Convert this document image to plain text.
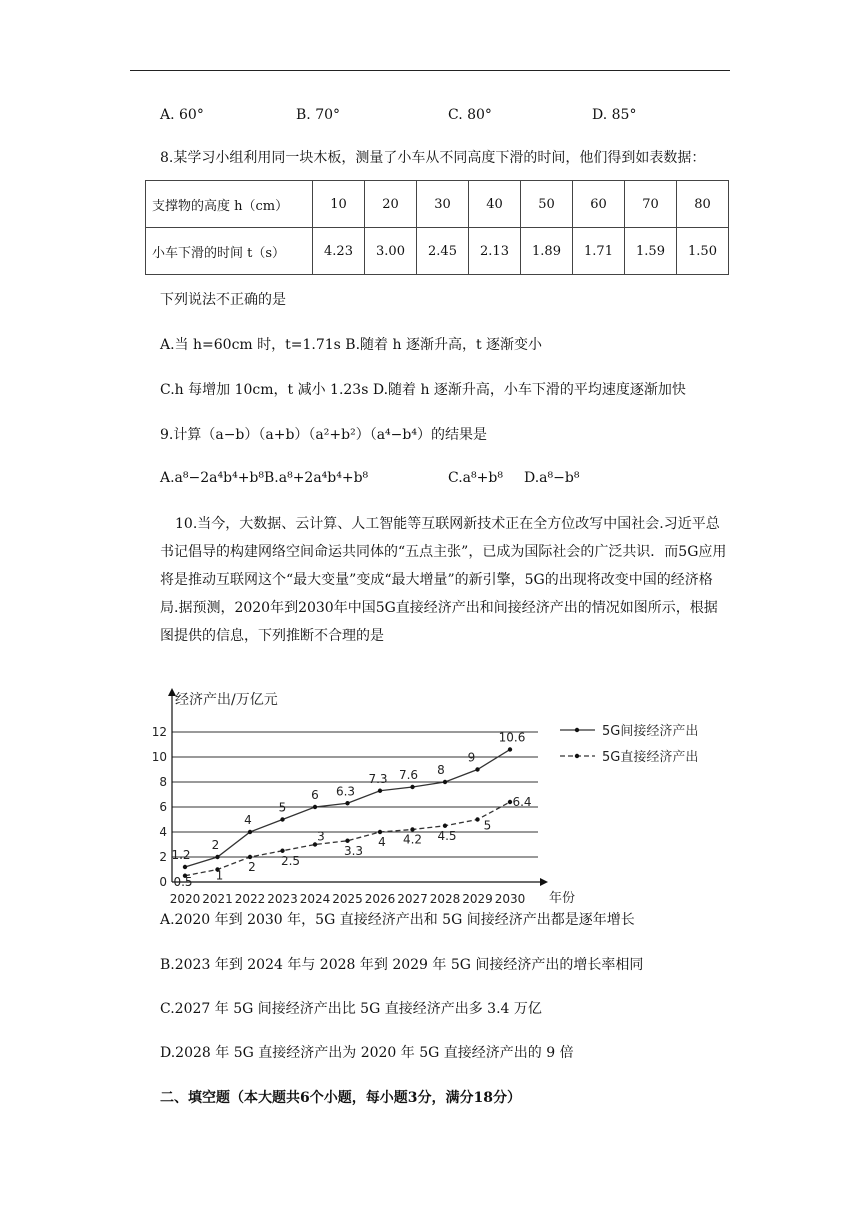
A. 60°	B. 70°	C. 80°	D. 85°
8.某学习小组利用同一块木板，测量了小车从不同高度下滑的时间，他们得到如表数据：
支撑物的高度 h（cm）	10	20	30	40	50	60	70	80
小车下滑的时间 t（s）	4.23	3.00	2.45	2.13	1.89	1.71	1.59	1.50
下列说法不正确的是
A.当 h=60cm 时，t=1.71s B.随着 h 逐渐升高，t 逐渐变小
C.h 每增加 10cm，t 减小 1.23s D.随着 h 逐渐升高，小车下滑的平均速度逐渐加快
9.计算（a−b）（a+b）（a²+b²）（a⁴−b⁴）的结果是
A.a⁸−2a⁴b⁴+b⁸B.a⁸+2a⁴b⁴+b⁸	C.a⁸+b⁸ D.a⁸−b⁸
10.当今，大数据、云计算、人工智能等互联网新技术正在全方位改写中国社会.习近平总书记倡导的构建网络空间命运共同体的“五点主张”，已成为国际社会的广泛共识．而5G应用将是推动互联网这个“最大变量”变成“最大增量”的新引擎，5G的出现将改变中国的经济格局.据预测，2020年到2030年中国5G直接经济产出和间接经济产出的情况如图所示，根据图提供的信息，下列推断不合理的是
0
2
4
6
8
10
12
经济产出/万亿元
年份
2020 2021 2022 2023 2024 2025 2026 2027 2028 2029 2030
1.2
2
4
5
6 6.3
7.3 7.6 8
9
10.6
0.5 1
2 2.5
3
3.3
4 4.2 4.5
5
6.4
5G间接经济产出
5G直接经济产出
A.2020 年到 2030 年，5G 直接经济产出和 5G 间接经济产出都是逐年增长
B.2023 年到 2024 年与 2028 年到 2029 年 5G 间接经济产出的增长率相同
C.2027 年 5G 间接经济产出比 5G 直接经济产出多 3.4 万亿
D.2028 年 5G 直接经济产出为 2020 年 5G 直接经济产出的 9 倍
二、填空题（本大题共6个小题，每小题3分，满分18分）
